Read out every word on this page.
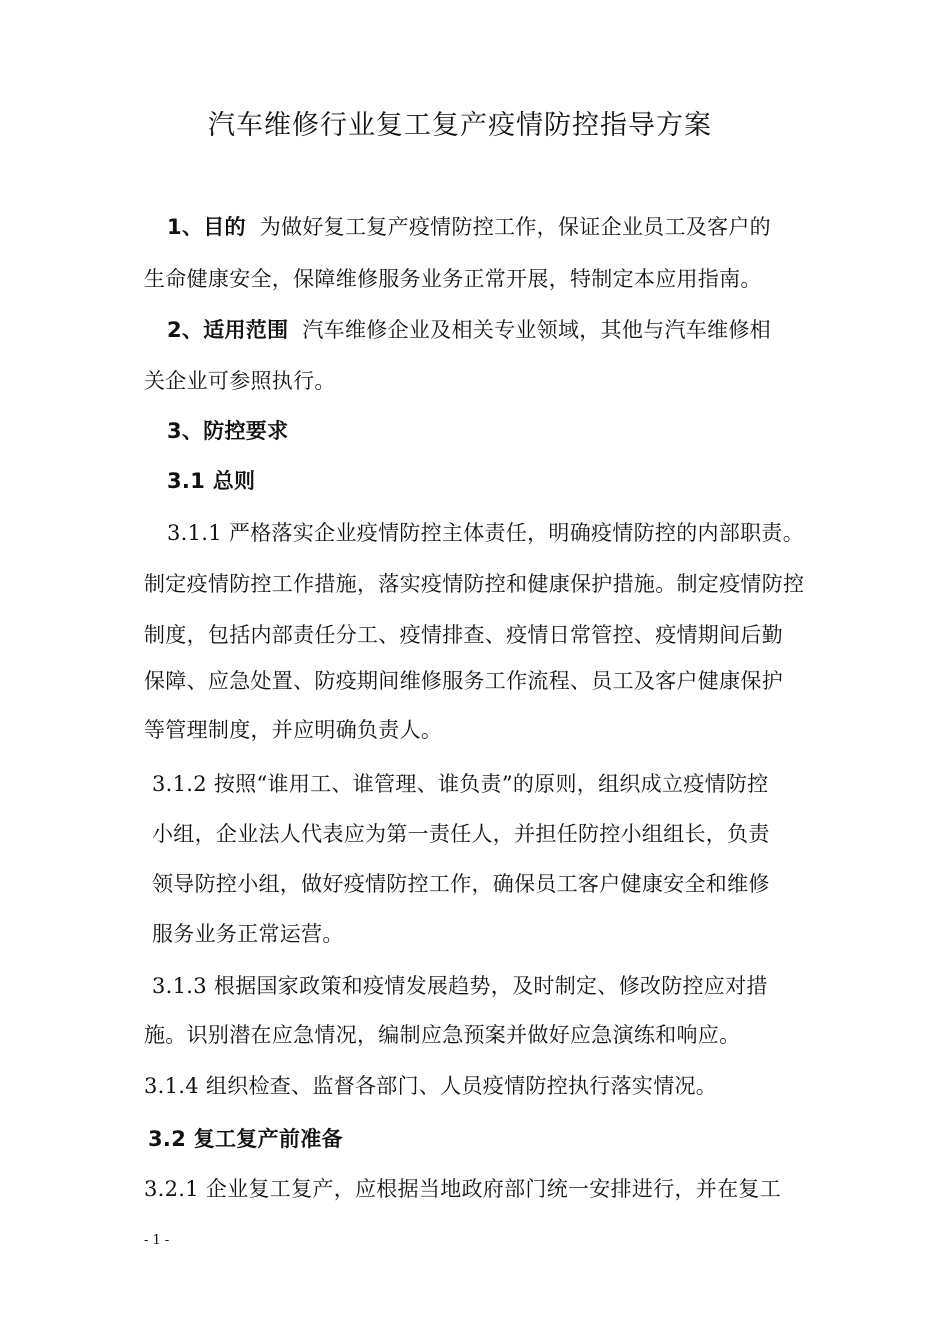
汽车维修行业复工复产疫情防控指导方案
1、目的 为做好复工复产疫情防控工作，保证企业员工及客户的
生命健康安全，保障维修服务业务正常开展，特制定本应用指南。
2、适用范围 汽车维修企业及相关专业领域，其他与汽车维修相
关企业可参照执行。
3、防控要求
3.1 总则
3.1.1 严格落实企业疫情防控主体责任，明确疫情防控的内部职责。
制定疫情防控工作措施，落实疫情防控和健康保护措施。制定疫情防控
制度，包括内部责任分工、疫情排查、疫情日常管控、疫情期间后勤
保障、应急处置、防疫期间维修服务工作流程、员工及客户健康保护
等管理制度，并应明确负责人。
3.1.2 按照“谁用工、谁管理、谁负责”的原则，组织成立疫情防控
小组，企业法人代表应为第一责任人，并担任防控小组组长，负责
领导防控小组，做好疫情防控工作，确保员工客户健康安全和维修
服务业务正常运营。
3.1.3 根据国家政策和疫情发展趋势，及时制定、修改防控应对措
施。识别潜在应急情况，编制应急预案并做好应急演练和响应。
3.1.4 组织检查、监督各部门、人员疫情防控执行落实情况。
3.2 复工复产前准备
3.2.1 企业复工复产，应根据当地政府部门统一安排进行，并在复工
- 1 -
